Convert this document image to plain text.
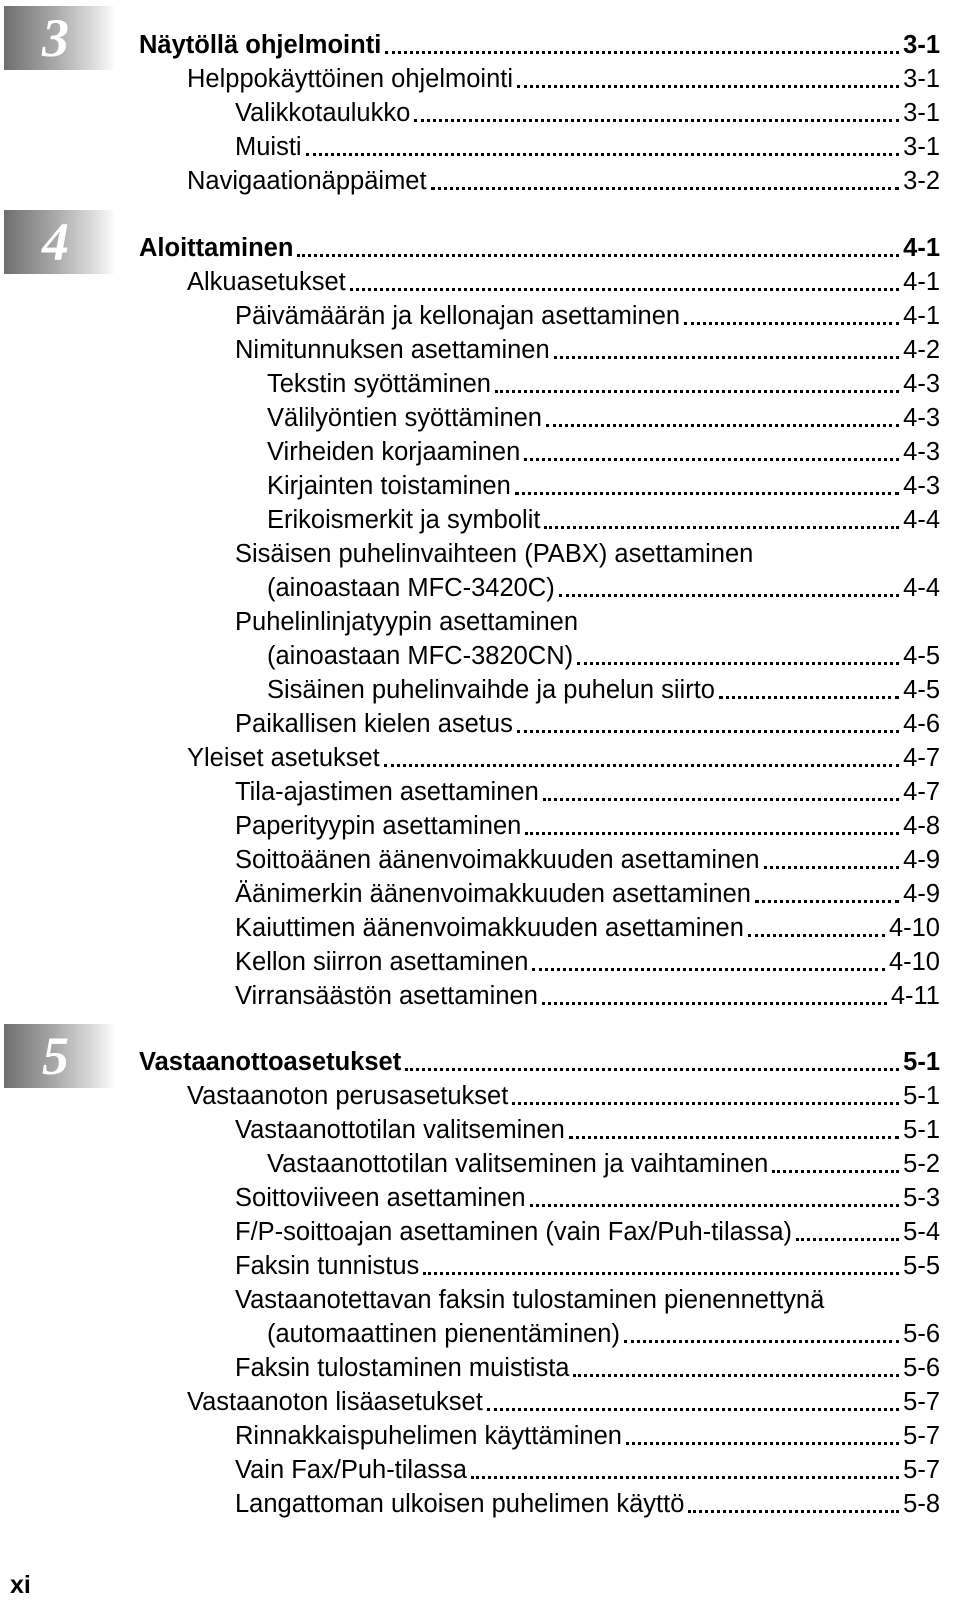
3	Näytöllä ohjelmointi	3-1
Helppokäyttöinen ohjelmointi	3-1
Valikkotaulukko	3-1
Muisti	3-1
Navigaationäppäimet	3-2
4	Aloittaminen	4-1
Alkuasetukset	4-1
Päivämäärän ja kellonajan asettaminen	4-1
Nimitunnuksen asettaminen	4-2
Tekstin syöttäminen	4-3
Välilyöntien syöttäminen	4-3
Virheiden korjaaminen	4-3
Kirjainten toistaminen	4-3
Erikoismerkit ja symbolit	4-4
Sisäisen puhelinvaihteen (PABX) asettaminen
(ainoastaan MFC-3420C)	4-4
Puhelinlinjatyypin asettaminen
(ainoastaan MFC-3820CN)	4-5
Sisäinen puhelinvaihde ja puhelun siirto	4-5
Paikallisen kielen asetus	4-6
Yleiset asetukset	4-7
Tila-ajastimen asettaminen	4-7
Paperityypin asettaminen	4-8
Soittoäänen äänenvoimakkuuden asettaminen	4-9
Äänimerkin äänenvoimakkuuden asettaminen	4-9
Kaiuttimen äänenvoimakkuuden asettaminen	4-10
Kellon siirron asettaminen	4-10
Virransäästön asettaminen	4-11
5	Vastaanottoasetukset	5-1
Vastaanoton perusasetukset	5-1
Vastaanottotilan valitseminen	5-1
Vastaanottotilan valitseminen ja vaihtaminen	5-2
Soittoviiveen asettaminen	5-3
F/P-soittoajan asettaminen (vain Fax/Puh-tilassa)	5-4
Faksin tunnistus	5-5
Vastaanotettavan faksin tulostaminen pienennettynä
(automaattinen pienentäminen)	5-6
Faksin tulostaminen muistista	5-6
Vastaanoton lisäasetukset	5-7
Rinnakkaispuhelimen käyttäminen	5-7
Vain Fax/Puh-tilassa	5-7
Langattoman ulkoisen puhelimen käyttö	5-8
xi
